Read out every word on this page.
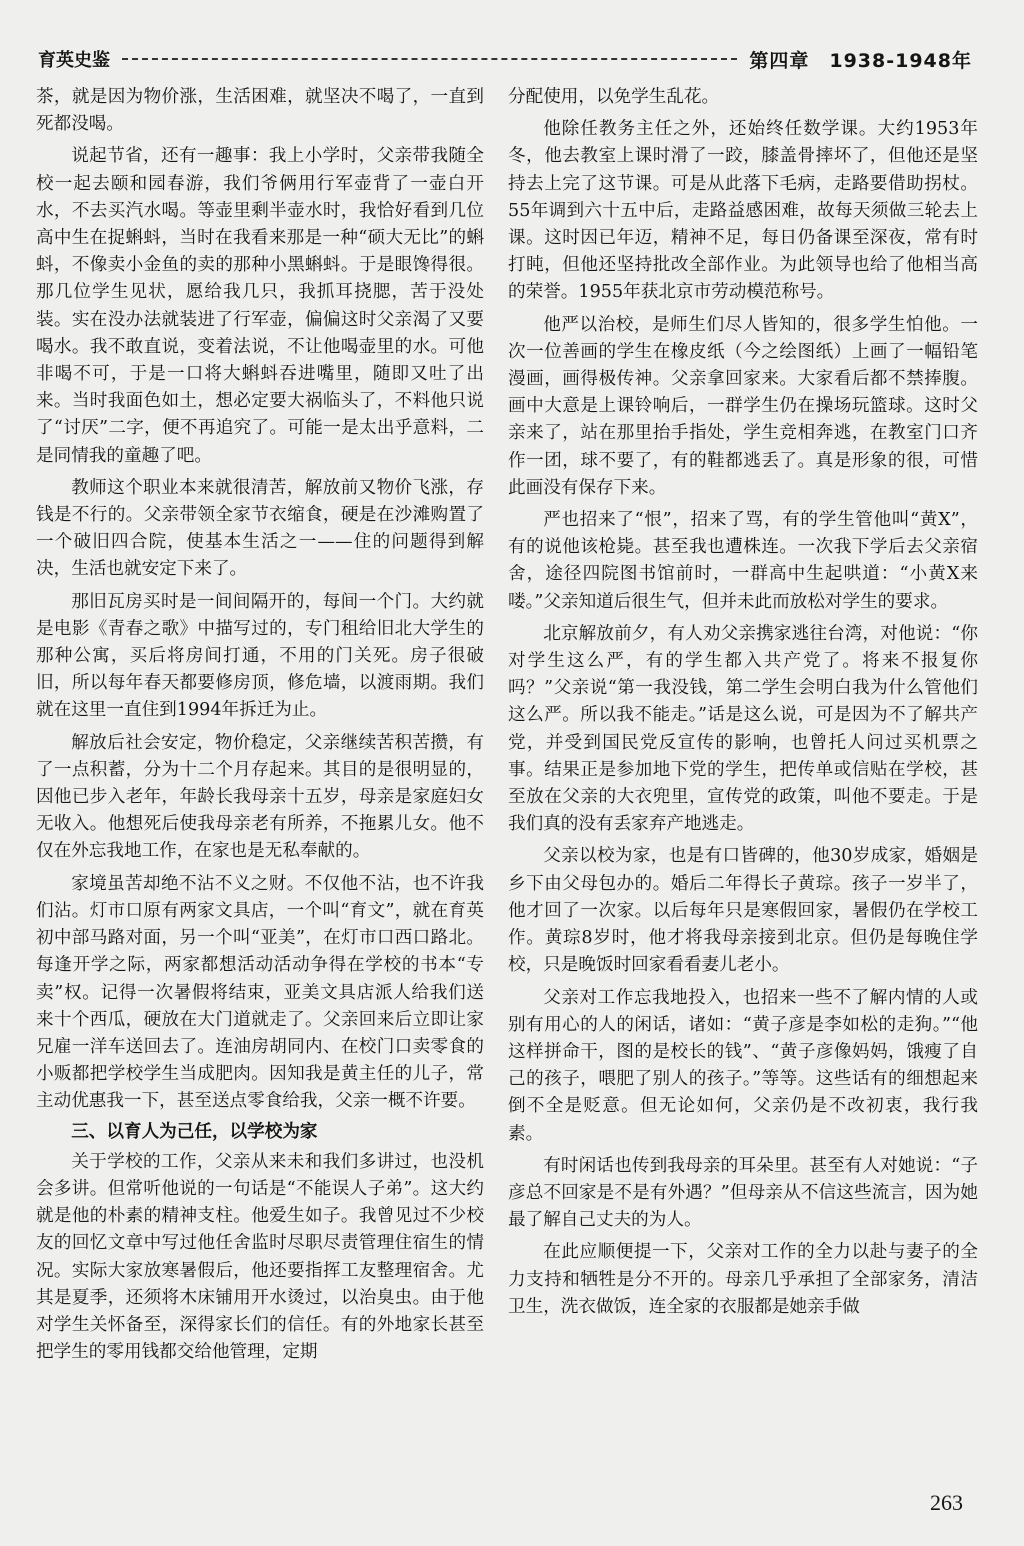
育英史鉴	第四章　1938-1948年

茶，就是因为物价涨，生活困难，就坚决不喝了，一直到死都没喝。

说起节省，还有一趣事：我上小学时，父亲带我随全校一起去颐和园春游，我们爷俩用行军壶背了一壶白开水，不去买汽水喝。等壶里剩半壶水时，我恰好看到几位高中生在捉蝌蚪，当时在我看来那是一种“硕大无比”的蝌蚪，不像卖小金鱼的卖的那种小黑蝌蚪。于是眼馋得很。那几位学生见状，愿给我几只，我抓耳挠腮，苦于没处装。实在没办法就装进了行军壶，偏偏这时父亲渴了又要喝水。我不敢直说，变着法说，不让他喝壶里的水。可他非喝不可，于是一口将大蝌蚪吞进嘴里，随即又吐了出来。当时我面色如土，想必定要大祸临头了，不料他只说了“讨厌”二字，便不再追究了。可能一是太出乎意料，二是同情我的童趣了吧。

教师这个职业本来就很清苦，解放前又物价飞涨，存钱是不行的。父亲带领全家节衣缩食，硬是在沙滩购置了一个破旧四合院，使基本生活之一——住的问题得到解决，生活也就安定下来了。

那旧瓦房买时是一间间隔开的，每间一个门。大约就是电影《青春之歌》中描写过的，专门租给旧北大学生的那种公寓，买后将房间打通，不用的门关死。房子很破旧，所以每年春天都要修房顶，修危墙，以渡雨期。我们就在这里一直住到1994年拆迁为止。

解放后社会安定，物价稳定，父亲继续苦积苦攒，有了一点积蓄，分为十二个月存起来。其目的是很明显的，因他已步入老年，年龄长我母亲十五岁，母亲是家庭妇女无收入。他想死后使我母亲老有所养，不拖累儿女。他不仅在外忘我地工作，在家也是无私奉献的。

家境虽苦却绝不沾不义之财。不仅他不沾，也不许我们沾。灯市口原有两家文具店，一个叫“育文”，就在育英初中部马路对面，另一个叫“亚美”，在灯市口西口路北。每逢开学之际，两家都想活动活动争得在学校的书本“专卖”权。记得一次暑假将结束，亚美文具店派人给我们送来十个西瓜，硬放在大门道就走了。父亲回来后立即让家兄雇一洋车送回去了。连油房胡同内、在校门口卖零食的小贩都把学校学生当成肥肉。因知我是黄主任的儿子，常主动优惠我一下，甚至送点零食给我，父亲一概不许要。

三、以育人为己任，以学校为家

关于学校的工作，父亲从来未和我们多讲过，也没机会多讲。但常听他说的一句话是“不能误人子弟”。这大约就是他的朴素的精神支柱。他爱生如子。我曾见过不少校友的回忆文章中写过他任舍监时尽职尽责管理住宿生的情况。实际大家放寒暑假后，他还要指挥工友整理宿舍。尤其是夏季，还须将木床铺用开水烫过，以治臭虫。由于他对学生关怀备至，深得家长们的信任。有的外地家长甚至把学生的零用钱都交给他管理，定期

分配使用，以免学生乱花。

他除任教务主任之外，还始终任数学课。大约1953年冬，他去教室上课时滑了一跤，膝盖骨摔坏了，但他还是坚持去上完了这节课。可是从此落下毛病，走路要借助拐杖。55年调到六十五中后，走路益感困难，故每天须做三轮去上课。这时因已年迈，精神不足，每日仍备课至深夜，常有时打盹，但他还坚持批改全部作业。为此领导也给了他相当高的荣誉。1955年获北京市劳动模范称号。

他严以治校，是师生们尽人皆知的，很多学生怕他。一次一位善画的学生在橡皮纸（今之绘图纸）上画了一幅铅笔漫画，画得极传神。父亲拿回家来。大家看后都不禁捧腹。画中大意是上课铃响后，一群学生仍在操场玩篮球。这时父亲来了，站在那里抬手指处，学生竞相奔逃，在教室门口齐作一团，球不要了，有的鞋都逃丢了。真是形象的很，可惜此画没有保存下来。

严也招来了“恨”，招来了骂，有的学生管他叫“黄X”，有的说他该枪毙。甚至我也遭株连。一次我下学后去父亲宿舍，途径四院图书馆前时，一群高中生起哄道：“小黄X来喽。”父亲知道后很生气，但并未此而放松对学生的要求。

北京解放前夕，有人劝父亲携家逃往台湾，对他说：“你对学生这么严，有的学生都入共产党了。将来不报复你吗？”父亲说“第一我没钱，第二学生会明白我为什么管他们这么严。所以我不能走。”话是这么说，可是因为不了解共产党，并受到国民党反宣传的影响，也曾托人问过买机票之事。结果正是参加地下党的学生，把传单或信贴在学校，甚至放在父亲的大衣兜里，宣传党的政策，叫他不要走。于是我们真的没有丢家弃产地逃走。

父亲以校为家，也是有口皆碑的，他30岁成家，婚姻是乡下由父母包办的。婚后二年得长子黄琮。孩子一岁半了，他才回了一次家。以后每年只是寒假回家，暑假仍在学校工作。黄琮8岁时，他才将我母亲接到北京。但仍是每晚住学校，只是晚饭时回家看看妻儿老小。

父亲对工作忘我地投入，也招来一些不了解内情的人或别有用心的人的闲话，诸如：“黄子彦是李如松的走狗。”“他这样拼命干，图的是校长的钱”、“黄子彦像妈妈，饿瘦了自己的孩子，喂肥了别人的孩子。”等等。这些话有的细想起来倒不全是贬意。但无论如何，父亲仍是不改初衷，我行我素。

有时闲话也传到我母亲的耳朵里。甚至有人对她说：“子彦总不回家是不是有外遇？”但母亲从不信这些流言，因为她最了解自己丈夫的为人。

在此应顺便提一下，父亲对工作的全力以赴与妻子的全力支持和牺牲是分不开的。母亲几乎承担了全部家务，清洁卫生，洗衣做饭，连全家的衣服都是她亲手做

263
